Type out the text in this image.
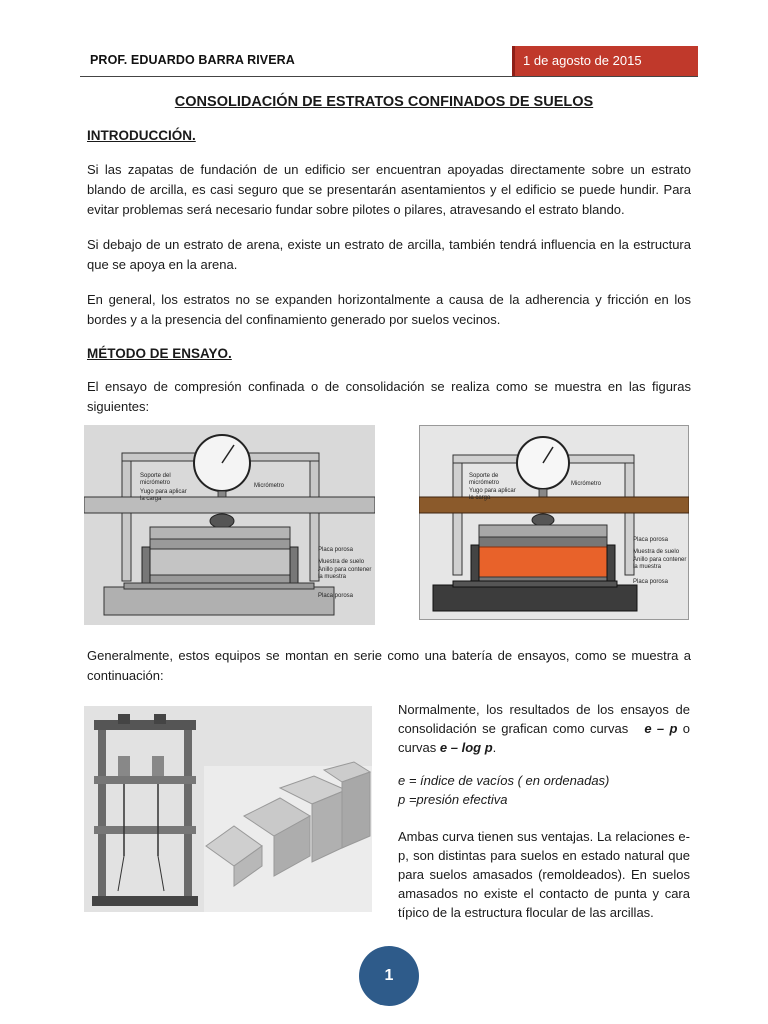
PROF. EDUARDO BARRA RIVERA	1 de agosto de 2015
CONSOLIDACIÓN DE ESTRATOS CONFINADOS DE SUELOS
INTRODUCCIÓN.

Si las zapatas de fundación de un edificio ser encuentran apoyadas directamente sobre un estrato blando de arcilla, es casi seguro que se presentarán asentamientos y el edificio se puede hundir. Para evitar problemas será necesario fundar sobre pilotes o pilares, atravesando el estrato blando.

Si debajo de un estrato de arena, existe un estrato de arcilla, también tendrá influencia en la estructura que se apoya en la arena.

En general, los estratos no se expanden horizontalmente a causa de la adherencia y fricción en los bordes y a la presencia del confinamiento generado por suelos vecinos.

MÉTODO DE ENSAYO.

El ensayo de compresión confinada o de consolidación se realiza como se muestra en las figuras siguientes:

Soporte del
micrómetro
Yugo para aplicar
la carga
Micrómetro
Placa porosa
Muestra de suelo
Anillo para contener
la muestra
Placa porosa
Soporte de
micrómetro
Yugo para aplicar
la carga
Micrómetro
Placa porosa
Muestra de suelo
Anillo para contener
la muestra
Placa porosa

Generalmente, estos equipos se montan en serie como una batería de ensayos, como se muestra a continuación:

Normalmente, los resultados de los ensayos de consolidación se grafican como curvas   e – p o curvas e – log p.

e = índice de vacíos ( en ordenadas)

p =presión efectiva

Ambas curva tienen sus ventajas. La relaciones e-p, son distintas para suelos en estado natural que para suelos amasados (remoldeados). En suelos amasados no existe el contacto de punta y cara típico de la estructura flocular de las arcillas.

1
